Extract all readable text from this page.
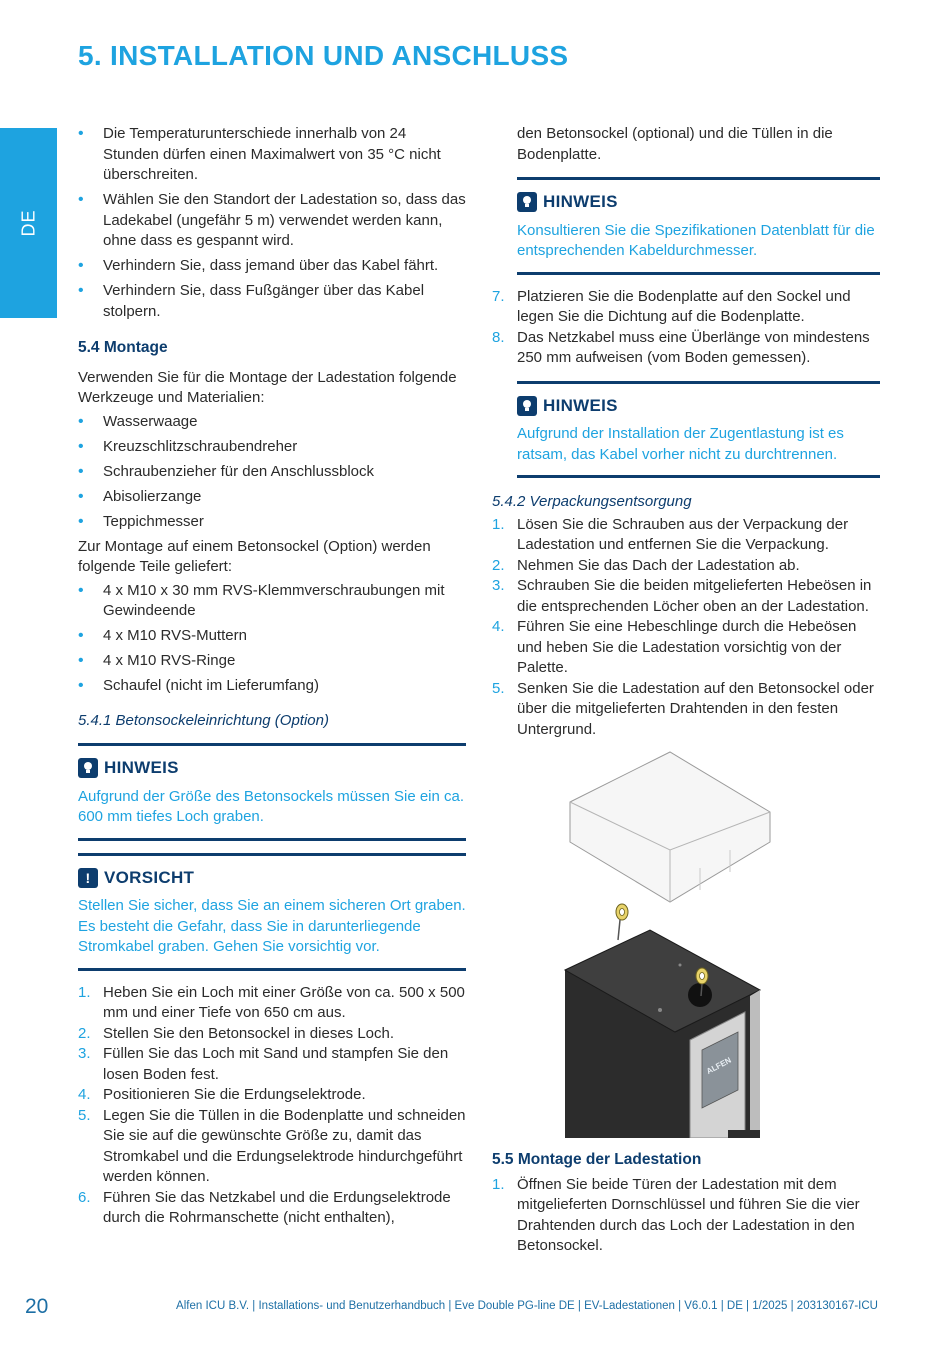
5. INSTALLATION UND ANSCHLUSS
DE
• Die Temperaturunterschiede innerhalb von 24 Stunden dürfen einen Maximalwert von 35 °C nicht überschreiten.
• Wählen Sie den Standort der Ladestation so, dass das Ladekabel (ungefähr 5 m) verwendet werden kann, ohne dass es gespannt wird.
• Verhindern Sie, dass jemand über das Kabel fährt.
• Verhindern Sie, dass Fußgänger über das Kabel stolpern.
5.4 Montage

Verwenden Sie für die Montage der Ladestation folgende Werkzeuge und Materialien:

• Wasserwaage
• Kreuzschlitzschraubendreher
• Schraubenzieher für den Anschlussblock
• Abisolierzange
• Teppichmesser

Zur Montage auf einem Betonsockel (Option) werden folgende Teile geliefert:

• 4 x M10 x 30 mm RVS-Klemmverschraubungen mit Gewindeende
• 4 x M10 RVS-Muttern
• 4 x M10 RVS-Ringe
• Schaufel (nicht im Lieferumfang)
5.4.1 Betonsockeleinrichtung (Option)
HINWEIS
Aufgrund der Größe des Betonsockels müssen Sie ein ca. 600 mm tiefes Loch graben.
! VORSICHT
Stellen Sie sicher, dass Sie an einem sicheren Ort graben. Es besteht die Gefahr, dass Sie in darunterliegende Stromkabel graben. Gehen Sie vorsichtig vor.
1. Heben Sie ein Loch mit einer Größe von ca. 500 x 500 mm und einer Tiefe von 650 cm aus.
2. Stellen Sie den Betonsockel in dieses Loch.
3. Füllen Sie das Loch mit Sand und stampfen Sie den losen Boden fest.
4. Positionieren Sie die Erdungselektrode.
5. Legen Sie die Tüllen in die Bodenplatte und schneiden Sie sie auf die gewünschte Größe zu, damit das Stromkabel und die Erdungselektrode hindurchgeführt werden können.
6. Führen Sie das Netzkabel und die Erdungselektrode durch die Rohrmanschette (nicht enthalten),

den Betonsockel (optional) und die Tüllen in die Bodenplatte.

HINWEIS
Konsultieren Sie die Spezifikationen Datenblatt für die entsprechenden Kabeldurchmesser.
7. Platzieren Sie die Bodenplatte auf den Sockel und legen Sie die Dichtung auf die Bodenplatte.
8. Das Netzkabel muss eine Überlänge von mindestens 250 mm aufweisen (vom Boden gemessen).
HINWEIS
Aufgrund der Installation der Zugentlastung ist es ratsam, das Kabel vorher nicht zu durchtrennen.
5.4.2 Verpackungsentsorgung
1. Lösen Sie die Schrauben aus der Verpackung der Ladestation und entfernen Sie die Verpackung.
2. Nehmen Sie das Dach der Ladestation ab.
3. Schrauben Sie die beiden mitgelieferten Hebeösen in die entsprechenden Löcher oben an der Ladestation.
4. Führen Sie eine Hebeschlinge durch die Hebeösen und heben Sie die Ladestation vorsichtig von der Palette.
5. Senken Sie die Ladestation auf den Betonsockel oder über die mitgelieferten Drahtenden in den festen Untergrund.
ALFEN
5.5 Montage der Ladestation
1. Öffnen Sie beide Türen der Ladestation mit dem mitgelieferten Dornschlüssel und führen Sie die vier Drahtenden durch das Loch der Ladestation in den Betonsockel.
20	Alfen ICU B.V. | Installations- und Benutzerhandbuch | Eve Double PG-line DE | EV-Ladestationen | V6.0.1 | DE | 1/2025 | 203130167-ICU
